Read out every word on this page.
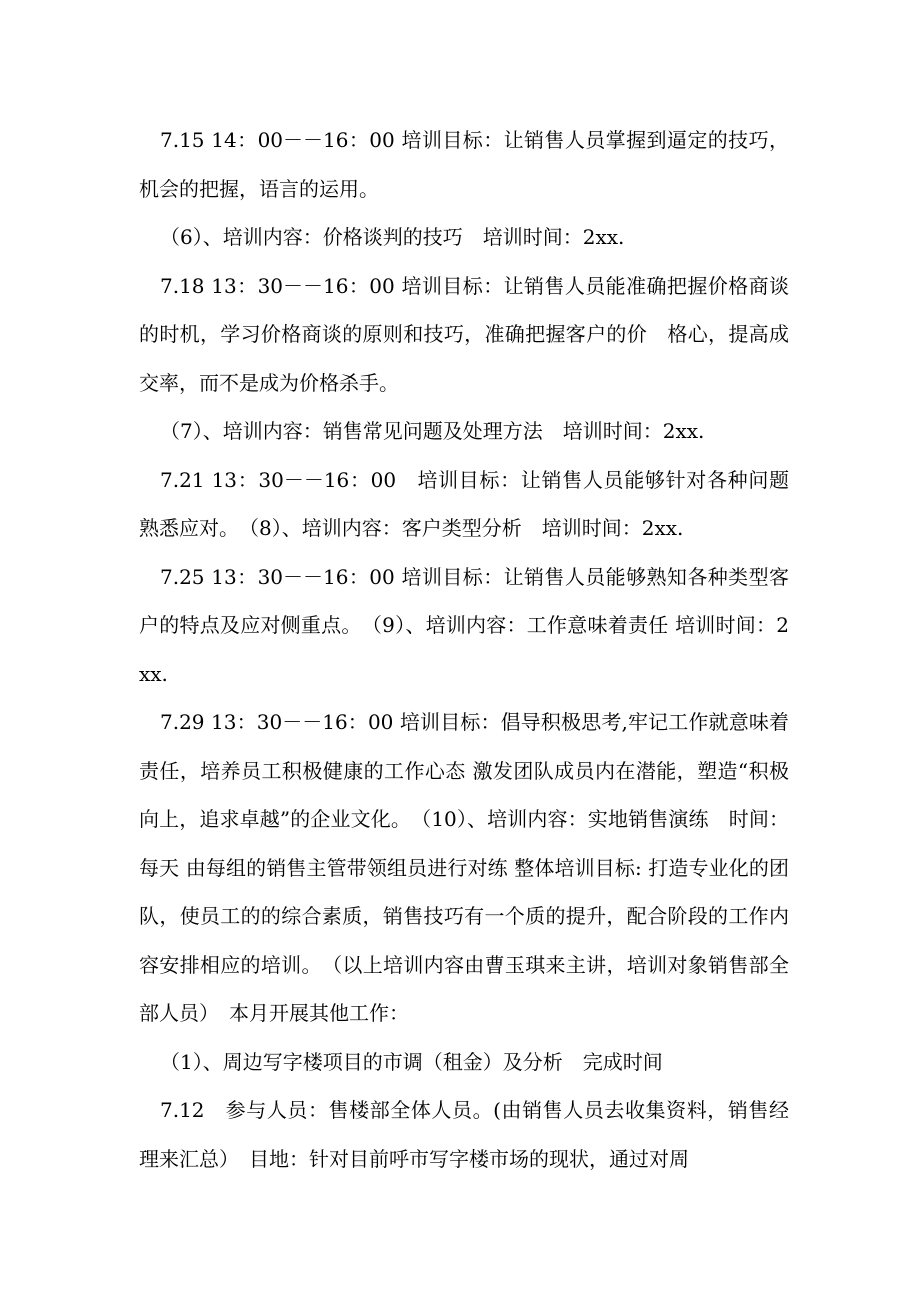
7.15 14：00－－16：00 培训目标：让销售人员掌握到逼定的技巧，机会的把握，语言的运用。

（6）、培训内容：价格谈判的技巧　培训时间：2xx.

7.18 13：30－－16：00 培训目标：让销售人员能准确把握价格商谈的时机，学习价格商谈的原则和技巧，准确把握客户的价　格心，提高成交率，而不是成为价格杀手。

（7）、培训内容：销售常见问题及处理方法　培训时间：2xx.

7.21 13：30－－16：00　培训目标：让销售人员能够针对各种问题熟悉应对。　（8）、培训内容：客户类型分析　培训时间：2xx.

7.25 13：30－－16：00 培训目标：让销售人员能够熟知各种类型客户的特点及应对侧重点。　（9）、培训内容：工作意味着责任 培训时间：2xx.

7.29 13：30－－16：00 培训目标：倡导积极思考,牢记工作就意味着责任，培养员工积极健康的工作心态 激发团队成员内在潜能，塑造“积极向上，追求卓越”的企业文化。　（10）、培训内容：实地销售演练　时间：每天 由每组的销售主管带领组员进行对练 整体培训目标: 打造专业化的团队，使员工的的综合素质，销售技巧有一个质的提升，配合阶段的工作内容安排相应的培训。　（以上培训内容由曹玉琪来主讲，培训对象销售部全部人员）　本月开展其他工作：

（1）、周边写字楼项目的市调（租金）及分析　完成时间

7.12　参与人员：售楼部全体人员。(由销售人员去收集资料，销售经理来汇总）　目地：针对目前呼市写字楼市场的现状，通过对周
